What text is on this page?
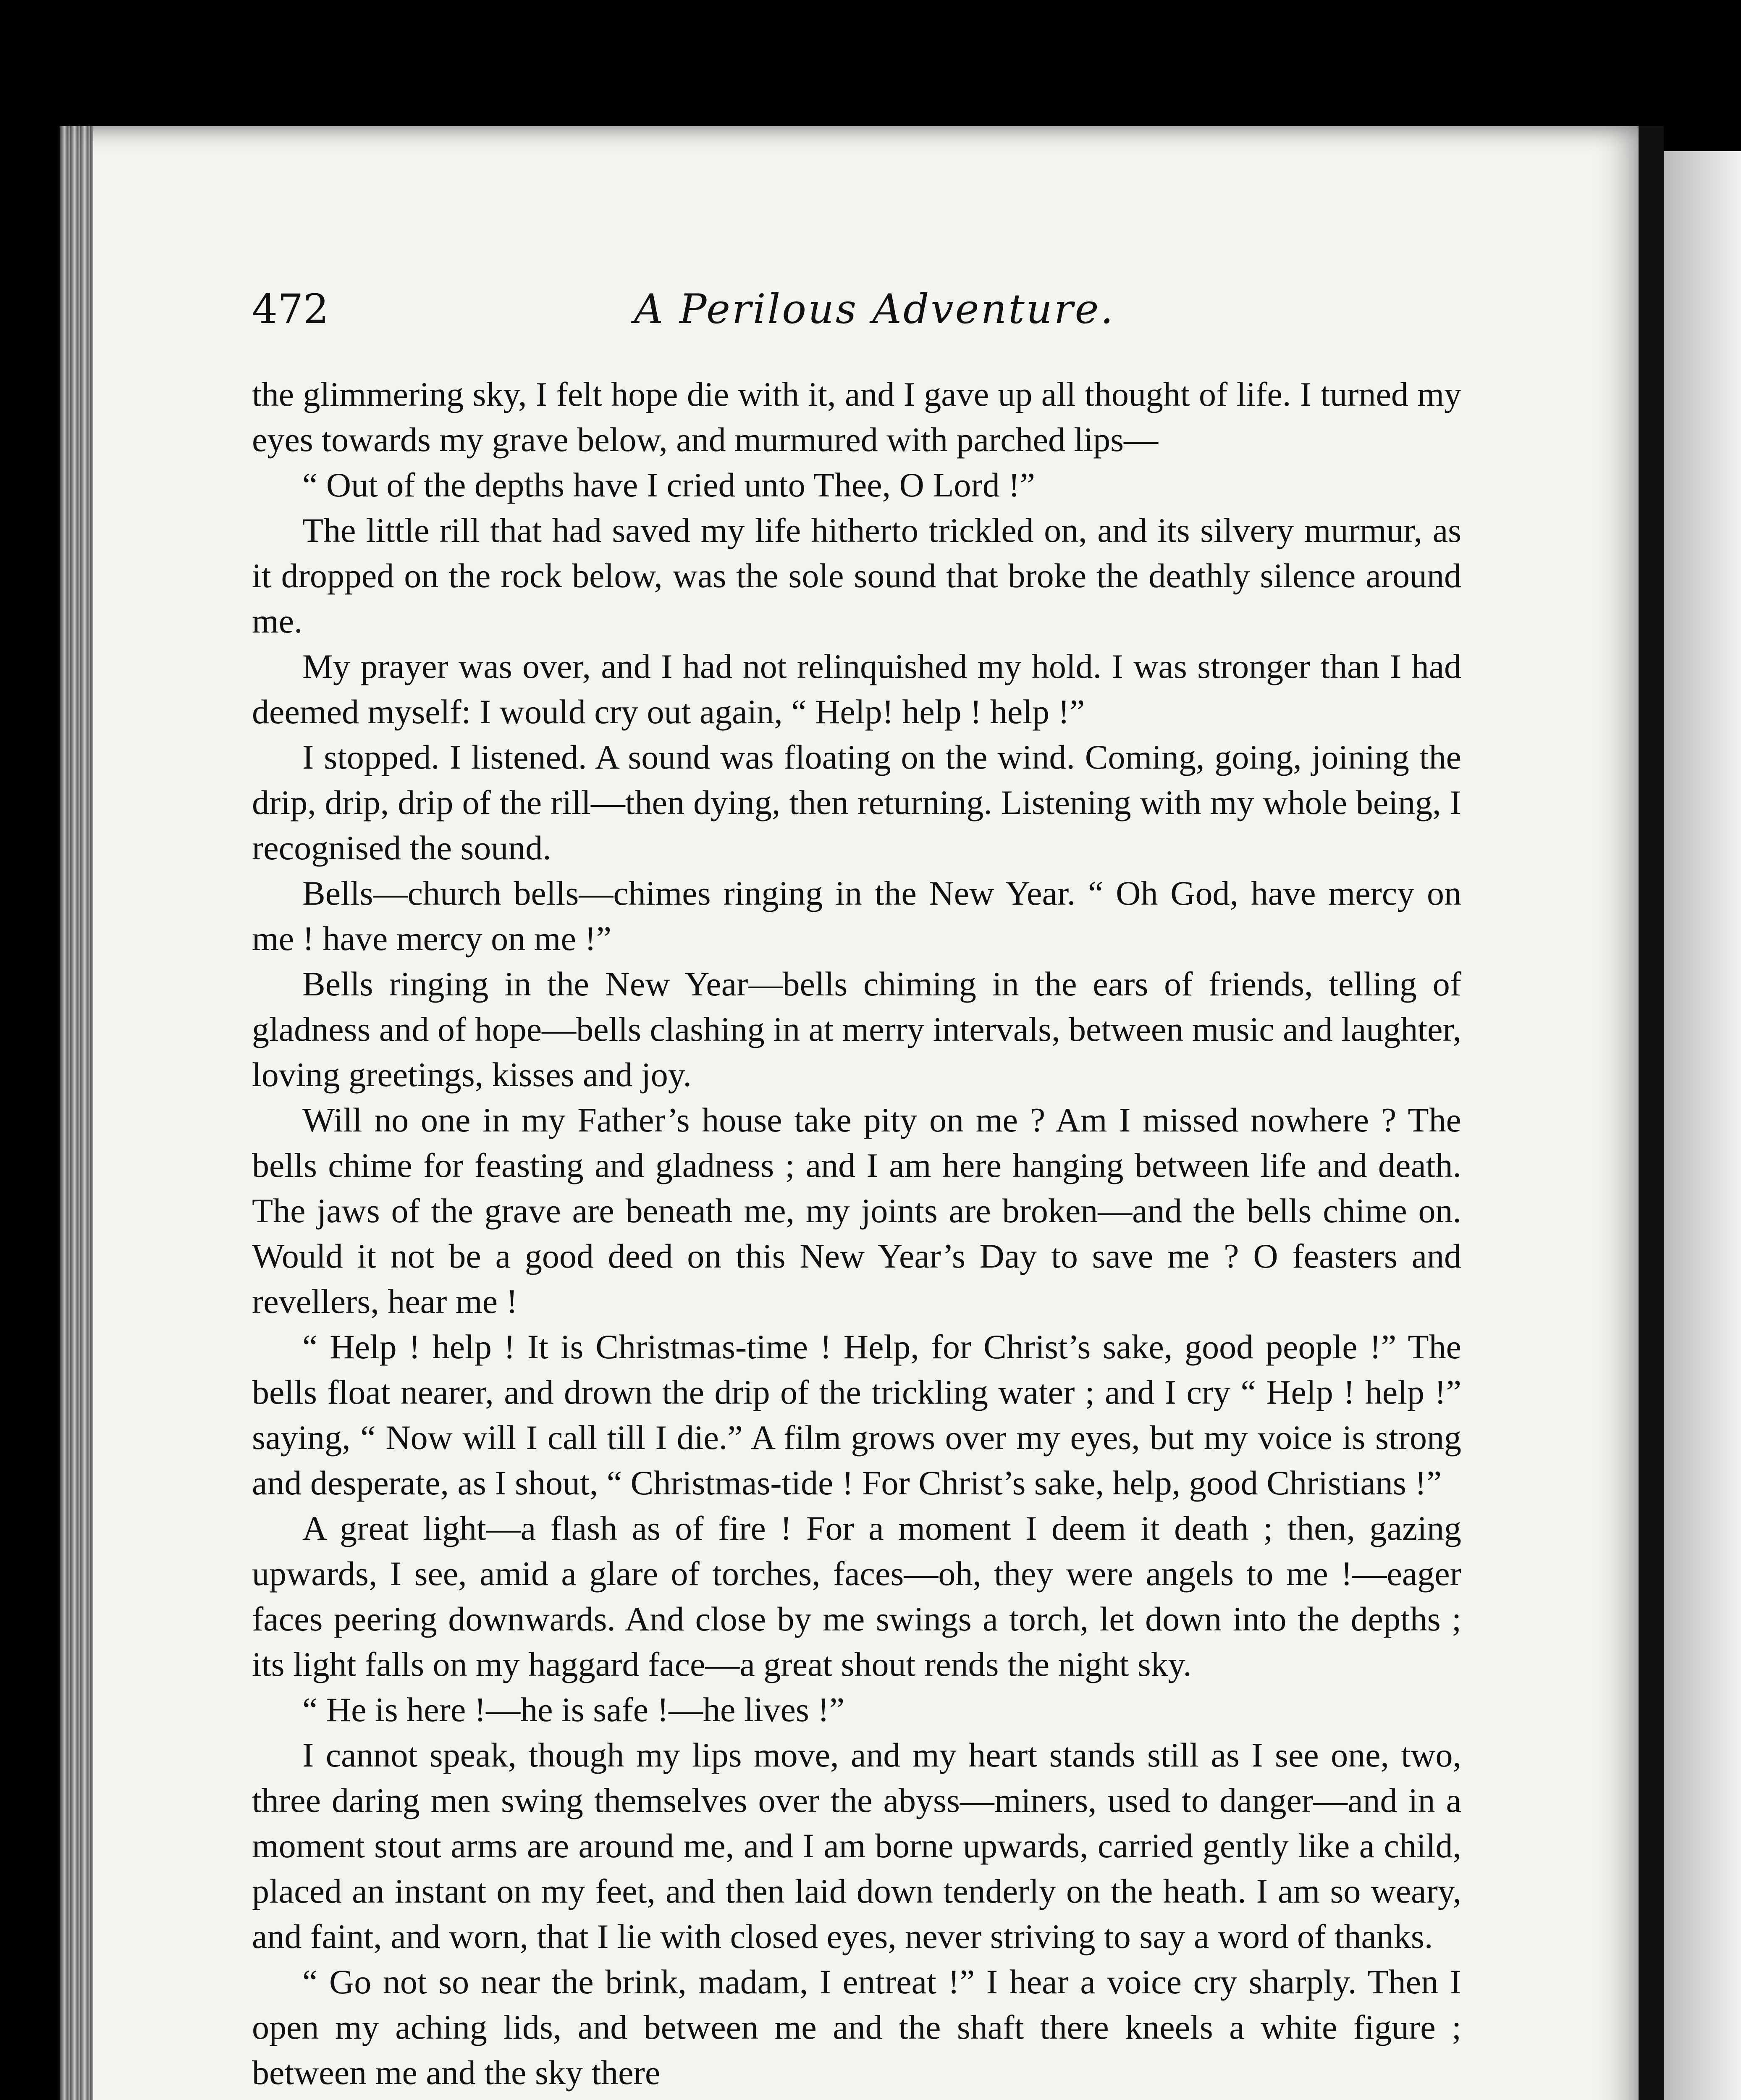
472	A Perilous Adventure.

the glimmering sky, I felt hope die with it, and I gave up all thought of life. I turned my eyes towards my grave below, and murmured with parched lips—

“ Out of the depths have I cried unto Thee, O Lord !”

The little rill that had saved my life hitherto trickled on, and its silvery murmur, as it dropped on the rock below, was the sole sound that broke the deathly silence around me.

My prayer was over, and I had not relinquished my hold. I was stronger than I had deemed myself: I would cry out again, “ Help! help ! help !”

I stopped. I listened. A sound was floating on the wind. Coming, going, joining the drip, drip, drip of the rill—then dying, then returning. Listening with my whole being, I recognised the sound.

Bells—church bells—chimes ringing in the New Year. “ Oh God, have mercy on me ! have mercy on me !”

Bells ringing in the New Year—bells chiming in the ears of friends, telling of gladness and of hope—bells clashing in at merry intervals, between music and laughter, loving greetings, kisses and joy.

Will no one in my Father’s house take pity on me ? Am I missed nowhere ? The bells chime for feasting and gladness ; and I am here hanging between life and death. The jaws of the grave are beneath me, my joints are broken—and the bells chime on. Would it not be a good deed on this New Year’s Day to save me ? O feasters and revellers, hear me !

“ Help ! help ! It is Christmas-time ! Help, for Christ’s sake, good people !” The bells float nearer, and drown the drip of the trickling water ; and I cry “ Help ! help !” saying, “ Now will I call till I die.” A film grows over my eyes, but my voice is strong and desperate, as I shout, “ Christmas-tide ! For Christ’s sake, help, good Christians !”

A great light—a flash as of fire ! For a moment I deem it death ; then, gazing upwards, I see, amid a glare of torches, faces—oh, they were angels to me !—eager faces peering downwards. And close by me swings a torch, let down into the depths ; its light falls on my haggard face—a great shout rends the night sky.

“ He is here !—he is safe !—he lives !”

I cannot speak, though my lips move, and my heart stands still as I see one, two, three daring men swing themselves over the abyss—miners, used to danger—and in a moment stout arms are around me, and I am borne upwards, carried gently like a child, placed an instant on my feet, and then laid down tenderly on the heath. I am so weary, and faint, and worn, that I lie with closed eyes, never striving to say a word of thanks.

“ Go not so near the brink, madam, I entreat !” I hear a voice cry sharply. Then I open my aching lids, and between me and the shaft there kneels a white figure ; between me and the sky there
